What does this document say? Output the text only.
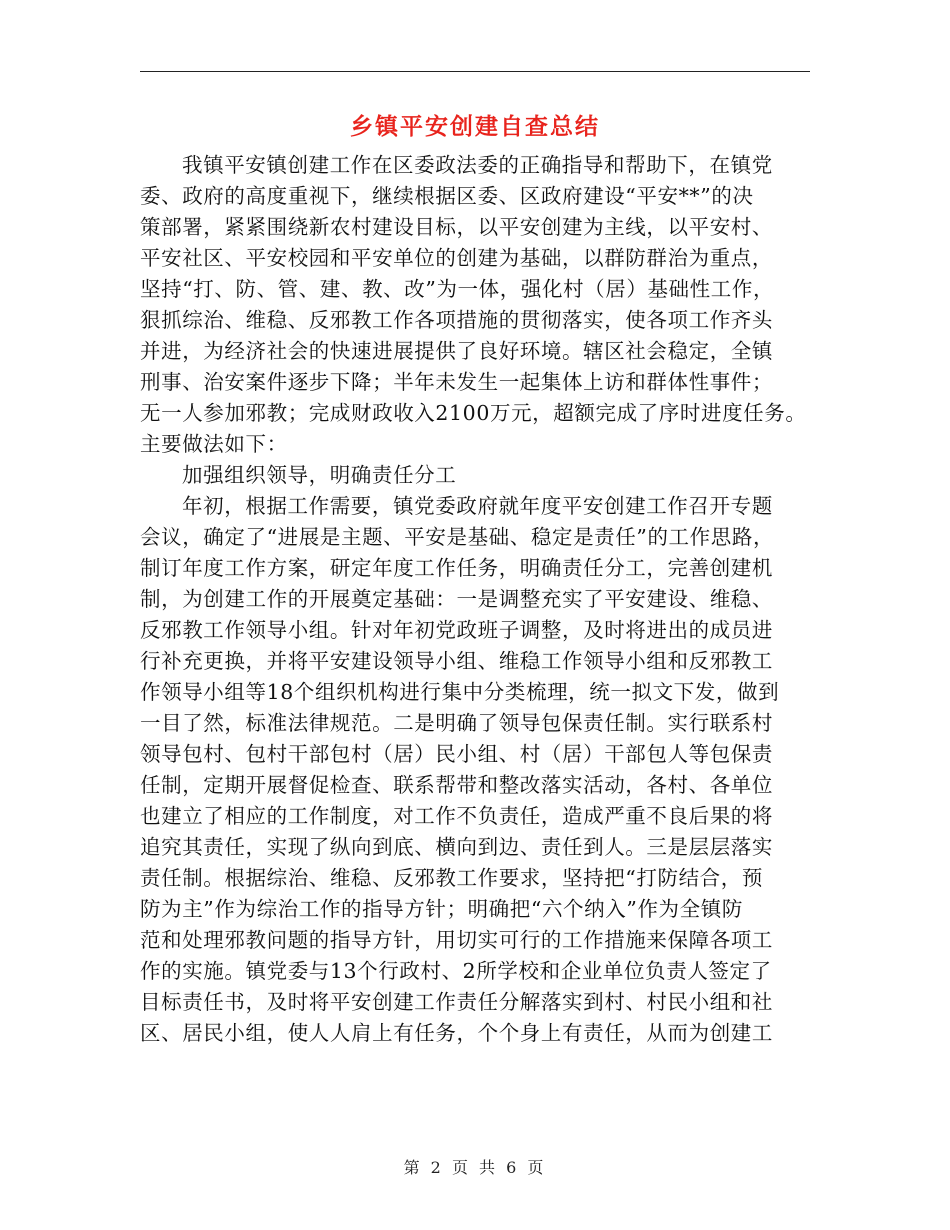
乡镇平安创建自查总结
我镇平安镇创建工作在区委政法委的正确指导和帮助下，在镇党
委、政府的高度重视下，继续根据区委、区政府建设“平安**”的决
策部署，紧紧围绕新农村建设目标，以平安创建为主线，以平安村、
平安社区、平安校园和平安单位的创建为基础，以群防群治为重点，
坚持“打、防、管、建、教、改”为一体，强化村（居）基础性工作，
狠抓综治、维稳、反邪教工作各项措施的贯彻落实，使各项工作齐头
并进，为经济社会的快速进展提供了良好环境。辖区社会稳定，全镇
刑事、治安案件逐步下降；半年未发生一起集体上访和群体性事件；
无一人参加邪教；完成财政收入2100万元，超额完成了序时进度任务。
主要做法如下：
加强组织领导，明确责任分工
年初，根据工作需要，镇党委政府就年度平安创建工作召开专题
会议，确定了“进展是主题、平安是基础、稳定是责任”的工作思路，
制订年度工作方案，研定年度工作任务，明确责任分工，完善创建机
制，为创建工作的开展奠定基础：一是调整充实了平安建设、维稳、
反邪教工作领导小组。针对年初党政班子调整，及时将进出的成员进
行补充更换，并将平安建设领导小组、维稳工作领导小组和反邪教工
作领导小组等18个组织机构进行集中分类梳理，统一拟文下发，做到
一目了然，标准法律规范。二是明确了领导包保责任制。实行联系村
领导包村、包村干部包村（居）民小组、村（居）干部包人等包保责
任制，定期开展督促检查、联系帮带和整改落实活动，各村、各单位
也建立了相应的工作制度，对工作不负责任，造成严重不良后果的将
追究其责任，实现了纵向到底、横向到边、责任到人。三是层层落实
责任制。根据综治、维稳、反邪教工作要求，坚持把“打防结合，预
防为主”作为综治工作的指导方针；明确把“六个纳入”作为全镇防
范和处理邪教问题的指导方针，用切实可行的工作措施来保障各项工
作的实施。镇党委与13个行政村、2所学校和企业单位负责人签定了
目标责任书，及时将平安创建工作责任分解落实到村、村民小组和社
区、居民小组，使人人肩上有任务，个个身上有责任，从而为创建工
第 2 页 共 6 页
